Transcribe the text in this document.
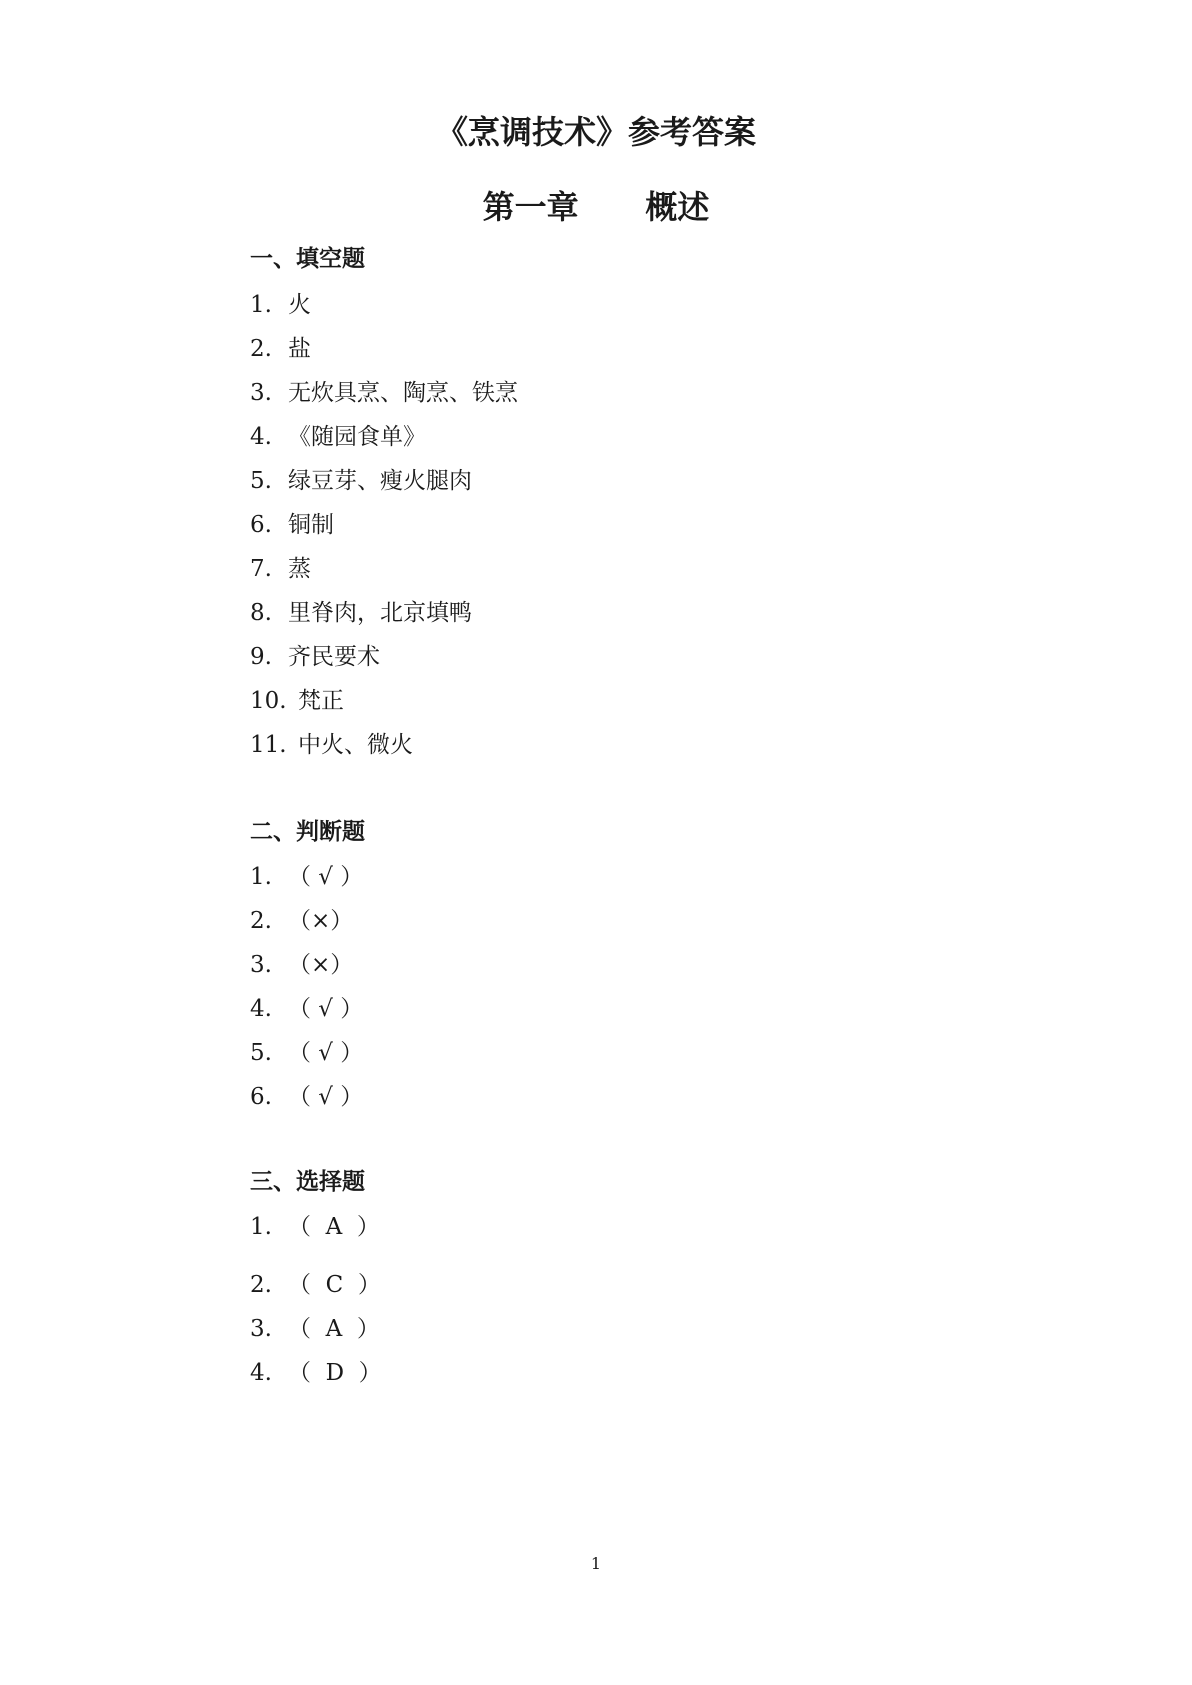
《烹调技术》参考答案
第一章      概述
一、填空题
1. 火
2. 盐
3. 无炊具烹、陶烹、铁烹
4. 《随园食单》
5. 绿豆芽、瘦火腿肉
6. 铜制
7. 蒸
8. 里脊肉，北京填鸭
9. 齐民要术
10. 梵正
11. 中火、微火
二、判断题
1. （ √ ）
2. （×）
3. （×）
4. （ √ ）
5. （ √ ）
6. （ √ ）
三、选择题
1. （  A  ）
2. （  C  ）
3. （  A  ）
4. （  D  ）
1
